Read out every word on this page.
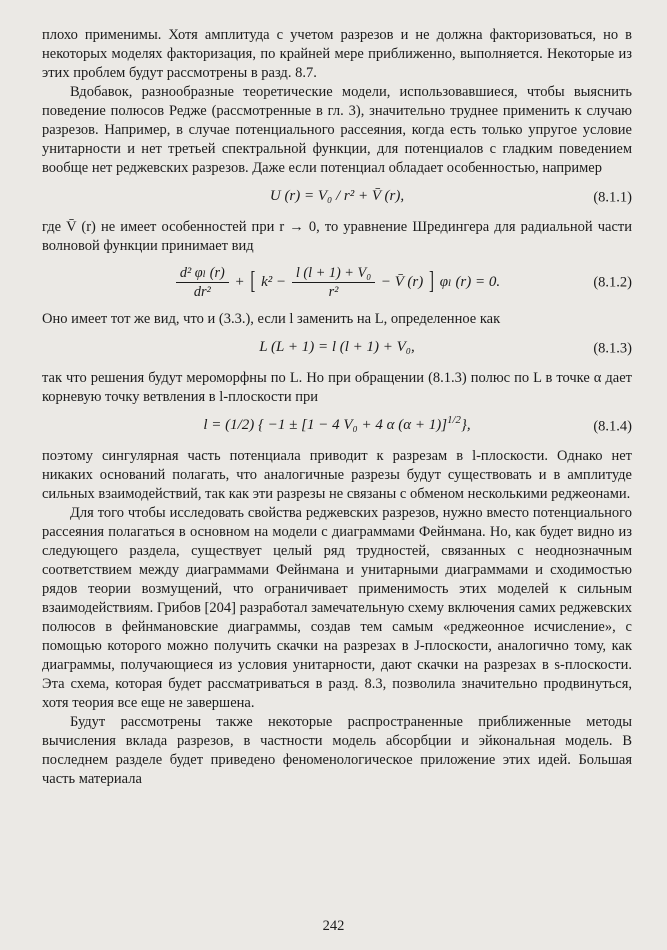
плохо применимы. Хотя амплитуда с учетом разрезов и не должна факторизоваться, но в некоторых моделях факторизация, по крайней мере приближенно, выполняется. Некоторые из этих проблем будут рассмотрены в разд. 8.7.

Вдобавок, разнообразные теоретические модели, использовавшиеся, чтобы выяснить поведение полюсов Редже (рассмотренные в гл. 3), значительно труднее применить к случаю разрезов. Например, в случае потенциального рассеяния, когда есть только упругое условие унитарности и нет третьей спектральной функции, для потенциалов с гладким поведением вообще нет реджевских разрезов. Даже если потенциал обладает особенностью, например

U (r) = V₀ / r² + V̄ (r),	(8.1.1)

где V̄ (r) не имеет особенностей при r → 0, то уравнение Шредингера для радиальной части волновой функции принимает вид

$\frac{\text{d² φₗ (r)}}{\text{dr²}}$ + [ $k^2 - \frac{\text{l (l + 1) + V₀}}{\text{r²}}$ − V̄ (r) ] φₗ (r) = 0.	(8.1.2)

Оно имеет тот же вид, что и (3.3.), если l заменить на L, определенное как

L (L + 1) = l (l + 1) + V₀,	(8.1.3)

так что решения будут мероморфны по L. Но при обращении (8.1.3) полюс по L в точке α дает корневую точку ветвления в l-плоскости при

l = (1/2) { −1 ± [1 − 4 V₀ + 4 α (α + 1)]$^{1/2}$},	(8.1.4)

поэтому сингулярная часть потенциала приводит к разрезам в l-плоскости. Однако нет никаких оснований полагать, что аналогичные разрезы будут существовать и в амплитуде сильных взаимодействий, так как эти разрезы не связаны с обменом несколькими реджеонами.

Для того чтобы исследовать свойства реджевских разрезов, нужно вместо потенциального рассеяния полагаться в основном на модели с диаграммами Фейнмана. Но, как будет видно из следующего раздела, существует целый ряд трудностей, связанных с неоднозначным соответствием между диаграммами Фейнмана и унитарными диаграммами и сходимостью рядов теории возмущений, что ограничивает применимость этих моделей к сильным взаимодействиям. Грибов [204] разработал замечательную схему включения самих реджевских полюсов в фейнмановские диаграммы, создав тем самым «реджеонное исчисление», с помощью которого можно получить скачки на разрезах в J-плоскости, аналогично тому, как диаграммы, получающиеся из условия унитарности, дают скачки на разрезах в s-плоскости. Эта схема, которая будет рассматриваться в разд. 8.3, позволила значительно продвинуться, хотя теория все еще не завершена.

Будут рассмотрены также некоторые распространенные приближенные методы вычисления вклада разрезов, в частности модель абсорбции и эйкональная модель. В последнем разделе будет приведено феноменологическое приложение этих идей. Большая часть материала

242
